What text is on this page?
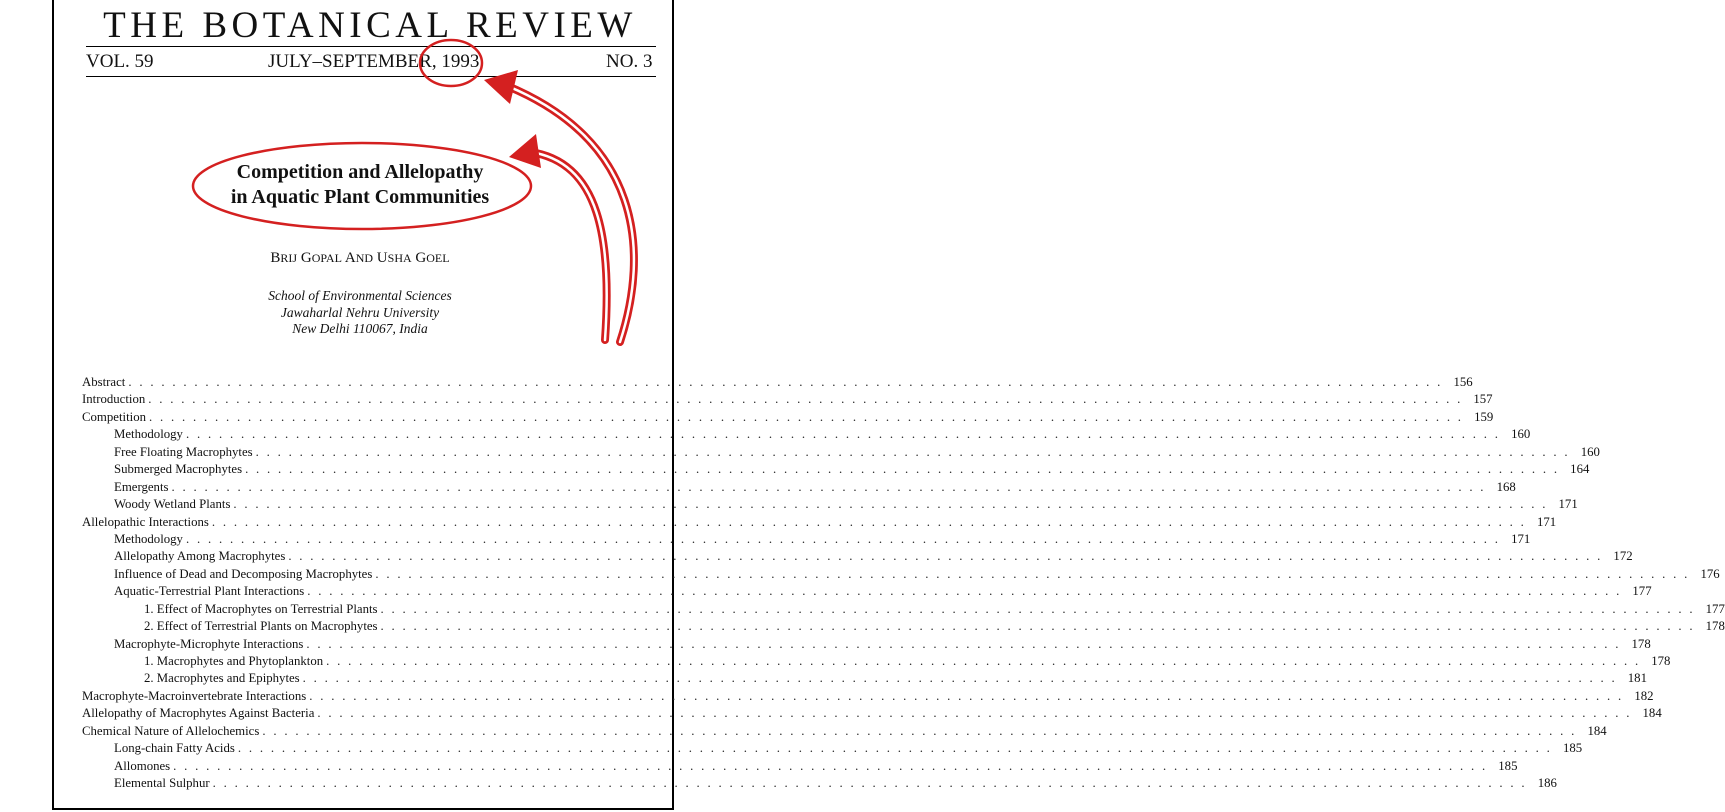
THE BOTANICAL REVIEW
VOL. 59	JULY–SEPTEMBER, 1993	NO. 3
Competition and Allelopathy
in Aquatic Plant Communities
BRIJ GOPAL AND USHA GOEL
School of Environmental Sciences
Jawaharlal Nehru University
New Delhi 110067, India
Abstract . . . . . . . . . . . . . . . . . . . . . . . . . . . . . . . . . . . . . . . . . . . . . . . . . . . . . . . . . . . . . . . . . . . . . . . . . . . . . . . . . . . . . . . . . . . . . . . . . . . . . . . . . . . . . . . . . . . . . . . . 156
Introduction . . . . . . . . . . . . . . . . . . . . . . . . . . . . . . . . . . . . . . . . . . . . . . . . . . . . . . . . . . . . . . . . . . . . . . . . . . . . . . . . . . . . . . . . . . . . . . . . . . . . . . . . . . . . . . . . . . . . . . . . 157
Competition . . . . . . . . . . . . . . . . . . . . . . . . . . . . . . . . . . . . . . . . . . . . . . . . . . . . . . . . . . . . . . . . . . . . . . . . . . . . . . . . . . . . . . . . . . . . . . . . . . . . . . . . . . . . . . . . . . . . . . . . 159
Methodology . . . . . . . . . . . . . . . . . . . . . . . . . . . . . . . . . . . . . . . . . . . . . . . . . . . . . . . . . . . . . . . . . . . . . . . . . . . . . . . . . . . . . . . . . . . . . . . . . . . . . . . . . . . . . . . . . . . . . . . . 160
Free Floating Macrophytes . . . . . . . . . . . . . . . . . . . . . . . . . . . . . . . . . . . . . . . . . . . . . . . . . . . . . . . . . . . . . . . . . . . . . . . . . . . . . . . . . . . . . . . . . . . . . . . . . . . . . . . . . . . . . . . . . . . . . . . . 160
Submerged Macrophytes . . . . . . . . . . . . . . . . . . . . . . . . . . . . . . . . . . . . . . . . . . . . . . . . . . . . . . . . . . . . . . . . . . . . . . . . . . . . . . . . . . . . . . . . . . . . . . . . . . . . . . . . . . . . . . . . . . . . . . . . 164
Emergents . . . . . . . . . . . . . . . . . . . . . . . . . . . . . . . . . . . . . . . . . . . . . . . . . . . . . . . . . . . . . . . . . . . . . . . . . . . . . . . . . . . . . . . . . . . . . . . . . . . . . . . . . . . . . . . . . . . . . . . . 168
Woody Wetland Plants . . . . . . . . . . . . . . . . . . . . . . . . . . . . . . . . . . . . . . . . . . . . . . . . . . . . . . . . . . . . . . . . . . . . . . . . . . . . . . . . . . . . . . . . . . . . . . . . . . . . . . . . . . . . . . . . . . . . . . . . 171
Allelopathic Interactions . . . . . . . . . . . . . . . . . . . . . . . . . . . . . . . . . . . . . . . . . . . . . . . . . . . . . . . . . . . . . . . . . . . . . . . . . . . . . . . . . . . . . . . . . . . . . . . . . . . . . . . . . . . . . . . . . . . . . . . . 171
Methodology . . . . . . . . . . . . . . . . . . . . . . . . . . . . . . . . . . . . . . . . . . . . . . . . . . . . . . . . . . . . . . . . . . . . . . . . . . . . . . . . . . . . . . . . . . . . . . . . . . . . . . . . . . . . . . . . . . . . . . . . 171
Allelopathy Among Macrophytes . . . . . . . . . . . . . . . . . . . . . . . . . . . . . . . . . . . . . . . . . . . . . . . . . . . . . . . . . . . . . . . . . . . . . . . . . . . . . . . . . . . . . . . . . . . . . . . . . . . . . . . . . . . . . . . . . . . . . . . . 172
Influence of Dead and Decomposing Macrophytes . . . . . . . . . . . . . . . . . . . . . . . . . . . . . . . . . . . . . . . . . . . . . . . . . . . . . . . . . . . . . . . . . . . . . . . . . . . . . . . . . . . . . . . . . . . . . . . . . . . . . . . . . . . . . . . . . . . . . . . . 176
Aquatic-Terrestrial Plant Interactions . . . . . . . . . . . . . . . . . . . . . . . . . . . . . . . . . . . . . . . . . . . . . . . . . . . . . . . . . . . . . . . . . . . . . . . . . . . . . . . . . . . . . . . . . . . . . . . . . . . . . . . . . . . . . . . . . . . . . . . . 177
1. Effect of Macrophytes on Terrestrial Plants . . . . . . . . . . . . . . . . . . . . . . . . . . . . . . . . . . . . . . . . . . . . . . . . . . . . . . . . . . . . . . . . . . . . . . . . . . . . . . . . . . . . . . . . . . . . . . . . . . . . . . . . . . . . . . . . . . . . . . . . 177
2. Effect of Terrestrial Plants on Macrophytes . . . . . . . . . . . . . . . . . . . . . . . . . . . . . . . . . . . . . . . . . . . . . . . . . . . . . . . . . . . . . . . . . . . . . . . . . . . . . . . . . . . . . . . . . . . . . . . . . . . . . . . . . . . . . . . . . . . . . . . . 178
Macrophyte-Microphyte Interactions . . . . . . . . . . . . . . . . . . . . . . . . . . . . . . . . . . . . . . . . . . . . . . . . . . . . . . . . . . . . . . . . . . . . . . . . . . . . . . . . . . . . . . . . . . . . . . . . . . . . . . . . . . . . . . . . . . . . . . . . 178
1. Macrophytes and Phytoplankton . . . . . . . . . . . . . . . . . . . . . . . . . . . . . . . . . . . . . . . . . . . . . . . . . . . . . . . . . . . . . . . . . . . . . . . . . . . . . . . . . . . . . . . . . . . . . . . . . . . . . . . . . . . . . . . . . . . . . . . . 178
2. Macrophytes and Epiphytes . . . . . . . . . . . . . . . . . . . . . . . . . . . . . . . . . . . . . . . . . . . . . . . . . . . . . . . . . . . . . . . . . . . . . . . . . . . . . . . . . . . . . . . . . . . . . . . . . . . . . . . . . . . . . . . . . . . . . . . . 181
Macrophyte-Macroinvertebrate Interactions . . . . . . . . . . . . . . . . . . . . . . . . . . . . . . . . . . . . . . . . . . . . . . . . . . . . . . . . . . . . . . . . . . . . . . . . . . . . . . . . . . . . . . . . . . . . . . . . . . . . . . . . . . . . . . . . . . . . . . . . 182
Allelopathy of Macrophytes Against Bacteria . . . . . . . . . . . . . . . . . . . . . . . . . . . . . . . . . . . . . . . . . . . . . . . . . . . . . . . . . . . . . . . . . . . . . . . . . . . . . . . . . . . . . . . . . . . . . . . . . . . . . . . . . . . . . . . . . . . . . . . . 184
Chemical Nature of Allelochemics . . . . . . . . . . . . . . . . . . . . . . . . . . . . . . . . . . . . . . . . . . . . . . . . . . . . . . . . . . . . . . . . . . . . . . . . . . . . . . . . . . . . . . . . . . . . . . . . . . . . . . . . . . . . . . . . . . . . . . . . 184
Long-chain Fatty Acids . . . . . . . . . . . . . . . . . . . . . . . . . . . . . . . . . . . . . . . . . . . . . . . . . . . . . . . . . . . . . . . . . . . . . . . . . . . . . . . . . . . . . . . . . . . . . . . . . . . . . . . . . . . . . . . . . . . . . . . . 185
Allomones . . . . . . . . . . . . . . . . . . . . . . . . . . . . . . . . . . . . . . . . . . . . . . . . . . . . . . . . . . . . . . . . . . . . . . . . . . . . . . . . . . . . . . . . . . . . . . . . . . . . . . . . . . . . . . . . . . . . . . . . 185
Elemental Sulphur . . . . . . . . . . . . . . . . . . . . . . . . . . . . . . . . . . . . . . . . . . . . . . . . . . . . . . . . . . . . . . . . . . . . . . . . . . . . . . . . . . . . . . . . . . . . . . . . . . . . . . . . . . . . . . . . . . . . . . . . 186
